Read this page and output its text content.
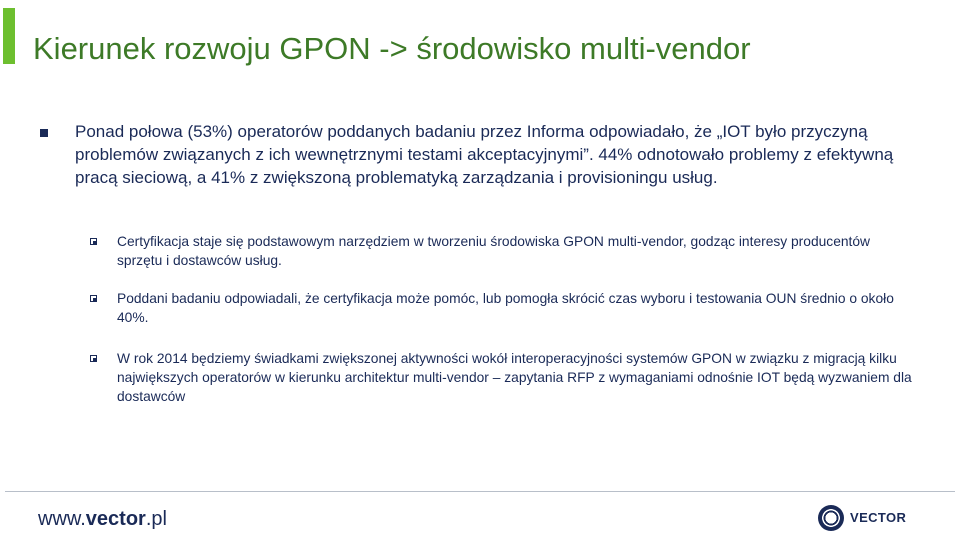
Kierunek rozwoju GPON -> środowisko multi-vendor
Ponad połowa (53%) operatorów poddanych badaniu przez Informa odpowiadało, że „IOT było przyczyną problemów związanych z ich wewnętrznymi testami akceptacyjnymi”. 44% odnotowało problemy z efektywną pracą sieciową, a 41% z zwiększoną problematyką zarządzania i provisioningu usług.
Certyfikacja staje się podstawowym narzędziem w tworzeniu środowiska GPON multi-vendor, godząc interesy producentów sprzętu i dostawców usług.
Poddani badaniu odpowiadali, że certyfikacja może pomóc, lub pomogła skrócić czas wyboru i testowania OUN średnio o około 40%.
W rok 2014 będziemy świadkami zwiększonej aktywności wokół interoperacyjności systemów GPON w związku z migracją kilku największych operatorów w kierunku architektur multi-vendor – zapytania RFP z wymaganiami odnośnie IOT będą wyzwaniem dla dostawców
www.vector.pl	VECTOR
